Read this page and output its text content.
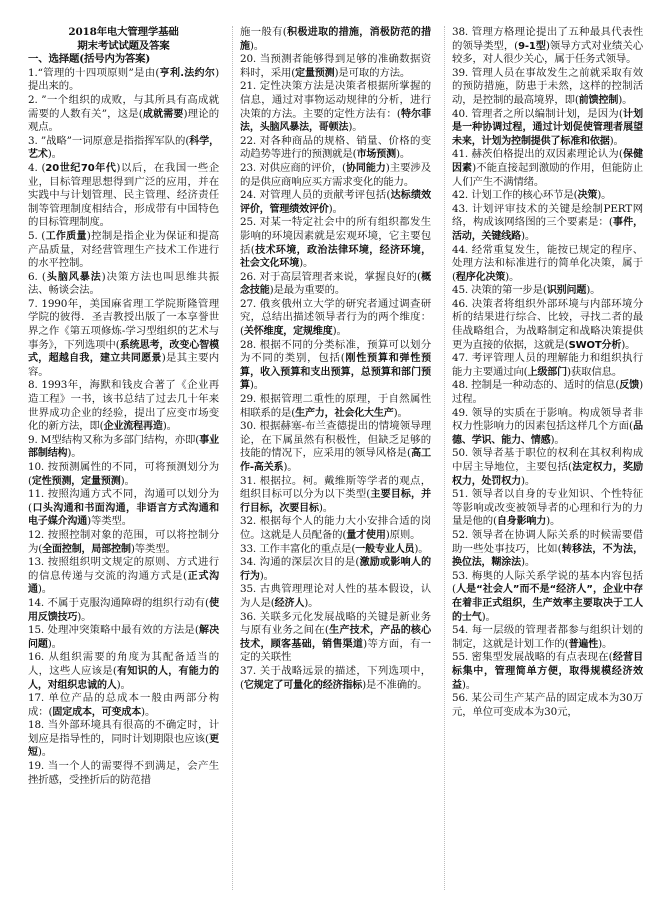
2018年电大管理学基础

期末考试试题及答案

一、选择题(括号内为答案)

1.“管理的十四项原则”是由(亨利.法约尔)提出来的。

2. ”一个组织的成败，与其所具有高成就需要的人数有关”，这是(成就需要)理论的观点。

3. ”战略”一词原意是指指挥军队的(科学，艺术)。

4. (20世纪70年代)以后，在我国一些企业，目标管理思想得到广泛的应用，并在实践中与计划管理、民主管理、经济责任制等管理制度相结合，形成带有中国特色的目标管理制度。

5. (工作质量)控制是指企业为保证和提高产品质量，对经营管理生产技术工作进行的水平控制。

6. (头脑风暴法)决策方法也叫思维共振法、畅谈会法。

7. 1990年，美国麻省理工学院斯隆管理学院的彼得．圣吉教授出版了一本享誉世界之作《第五项修炼-学习型组织的艺术与事务》，下列选项中(系统思考，改变心智模式，超越自我，建立共同愿景)是其主要内容。

8. 1993年，海默和钱皮合著了《企业再造工程》一书，该书总结了过去几十年来世界成功企业的经验，提出了应变市场变化的新方法，即(企业流程再造)。

9. M型结构又称为多部门结构，亦即(事业部制结构)。

10. 按预测属性的不同，可将预测划分为(定性预测，定量预测)。

11. 按照沟通方式不同，沟通可以划分为(口头沟通和书面沟通，非语言方式沟通和电子媒介沟通)等类型。

12. 按照控制对象的范围，可以将控制分为(全面控制，局部控制)等类型。

13. 按照组织明文规定的原则、方式进行的信息传递与交流的沟通方式是(正式沟通)。

14. 不属于克服沟通障碍的组织行动有(使用反馈技巧)。

15. 处理冲突策略中最有效的方法是(解决问题)。

16. 从组织需要的角度为其配备适当的人，这些人应该是(有知识的人，有能力的人，对组织忠诚的人)。

17. 单位产品的总成本一般由两部分构成：(固定成本，可变成本)。

18. 当外部环境具有很高的不确定时，计划应是指导性的，同时计划期限也应该(更短)。

19. 当一个人的需要得不到满足，会产生挫折感，受挫折后的防范措

施一般有(积极进取的措施，消极防范的措施)。

20. 当预测者能够得到足够的准确数据资料时，采用(定量预测)是可取的方法。

21. 定性决策方法是决策者根据所掌握的信息，通过对事物运动规律的分析，进行决策的方法。主要的定性方法有：(特尔菲法，头脑风暴法，哥顿法)。

22. 对各种商品的规格、销量、价格的变动趋势等进行的预测就是(市场预测)。

23. 对供应商的评价，(协同能力)主要涉及的是供应商响应买方需求变化的能力。

24. 对管理人员的贡献考评包括(达标绩效评价，管理绩效评价)。

25. 对某一特定社会中的所有组织都发生影响的环境因素就是宏观环境，它主要包括(技术环境，政治法律环境，经济环境，社会文化环境)。

26. 对于高层管理者来说，掌握良好的(概念技能)是最为重要的。

27. 俄亥俄州立大学的研究者通过调查研究，总结出描述领导者行为的两个维度：(关怀维度，定规维度)。

28. 根据不同的分类标准，预算可以划分为不同的类别，包括(刚性预算和弹性预算，收入预算和支出预算，总预算和部门预算)。

29. 根据管理二重性的原理，于自然属性相联系的是(生产力，社会化大生产)。

30. 根据赫塞-布兰查德提出的情境领导理论，在下属虽然有积极性，但缺乏足够的技能的情况下，应采用的领导风格是(高工作-高关系)。

31. 根据拉。柯。戴维斯等学者的观点，组织目标可以分为以下类型(主要目标，并行目标，次要目标)。

32. 根据每个人的能力大小安排合适的岗位。这就是人员配备的(量才使用)原则。

33. 工作丰富化的重点是(一般专业人员)。

34. 沟通的深层次目的是(激励或影响人的行为)。

35. 古典管理理论对人性的基本假设，认为人是(经济人)。

36. 关联多元化发展战略的关键是新业务与原有业务之间在(生产技术，产品的核心技术，顾客基础，销售渠道)等方面，有一定的关联性

37. 关于战略远景的描述，下列选项中，(它规定了可量化的经济指标)是不准确的。

38. 管理方格理论提出了五种最具代表性的领导类型，(9-1型)领导方式对业绩关心较多，对人很少关心，属于任务式领导。

39. 管理人员在事故发生之前就采取有效的预防措施，防患于未然，这样的控制活动，是控制的最高境界，即(前馈控制)。

40. 管理者之所以编制计划，是因为(计划是一种协调过程，通过计划促使管理者展望未来，计划为控制提供了标准和依据)。

41. 赫茨伯格提出的双因素理论认为(保健因素)不能直接起到激励的作用，但能防止人们产生不满情绪。

42. 计划工作的核心环节是(决策)。

43. 计划评审技术的关键是绘制PERT网络，构成该网络图的三个要素是：(事件，活动，关键线路)。

44. 经常重复发生，能按已规定的程序、处理方法和标准进行的简单化决策，属于(程序化决策)。

45. 决策的第一步是(识别问题)。

46. 决策者将组织外部环境与内部环境分析的结果进行综合、比较，寻找二者的最佳战略组合，为战略制定和战略决策提供更为直接的依据，这就是(SWOT分析)。

47. 考评管理人员的理解能力和组织执行能力主要通过向(上级部门)获取信息。

48. 控制是一种动态的、适时的信息(反馈)过程。

49. 领导的实质在于影响。构成领导者非权力性影响力的因素包括这样几个方面(品德、学识、能力、情感)。

50. 领导者基于职位的权利在其权利构成中居主导地位，主要包括(法定权力，奖励权力，处罚权力)。

51. 领导者以自身的专业知识、个性特征等影响或改变被领导者的心理和行为的力量是他的(自身影响力)。

52. 领导者在协调人际关系的时候需要借助一些处事技巧，比如(转移法，不为法，换位法，糊涂法)。

53. 梅奥的人际关系学说的基本内容包括(人是“社会人”而不是“经济人”，企业中存在着非正式组织，生产效率主要取决于工人的士气)。

54. 每一层级的管理者都参与组织计划的制定，这就是计划工作的(普遍性)。

55. 密集型发展战略的有点表现在(经营目标集中，管理简单方便，取得规模经济效益)。

56. 某公司生产某产品的固定成本为30万元，单位可变成本为30元，
